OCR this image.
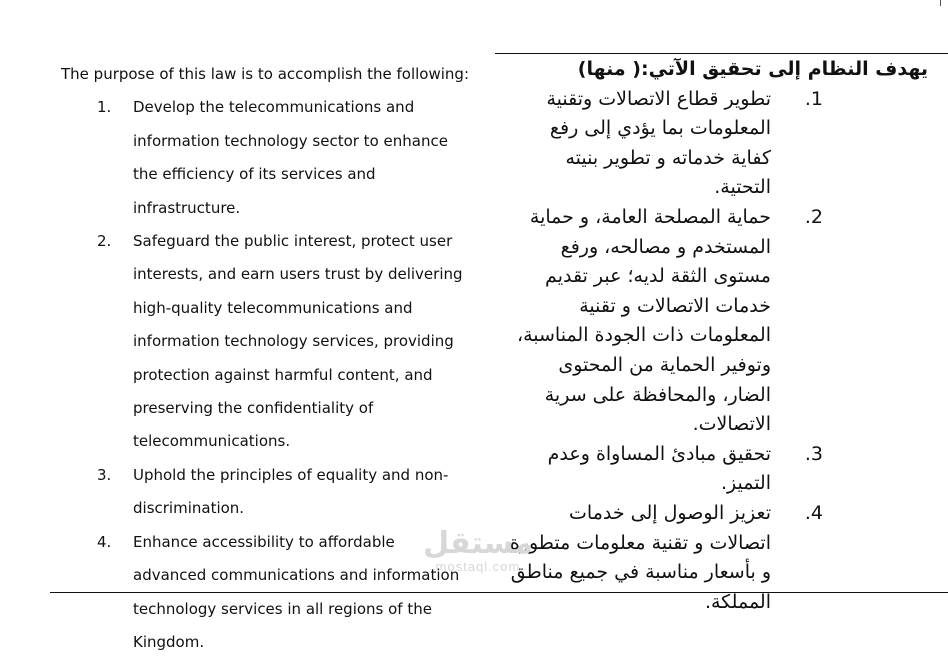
The purpose of this law is to accomplish the following:
1. Develop the telecommunications and information technology sector to enhance the efficiency of its services and infrastructure.
2. Safeguard the public interest, protect user interests, and earn users trust by delivering high-quality telecommunications and information technology services, providing protection against harmful content, and preserving the confidentiality of telecommunications.
3. Uphold the principles of equality and non-discrimination.
4. Enhance accessibility to affordable advanced communications and information technology services in all regions of the Kingdom.
يهدف النظام إلى تحقيق الآتي:( منها)
.1
تطوير قطاع الاتصالات وتقنية المعلومات بما يؤدي إلى رفع كفاية خدماته و تطوير بنيته التحتية.
.2
حماية المصلحة العامة، و حماية المستخدم و مصالحه، ورفع مستوى الثقة لديه؛ عبر تقديم خدمات الاتصالات و تقنية المعلومات ذات الجودة المناسبة، وتوفير الحماية من المحتوى الضار، والمحافظة على سرية الاتصالات.
.3
تحقيق مبادئ المساواة وعدم التميز.
.4
تعزيز الوصول إلى خدمات اتصالات و تقنية معلومات متطورة و بأسعار مناسبة في جميع مناطق المملكة.
مستقل
mostaql.com
